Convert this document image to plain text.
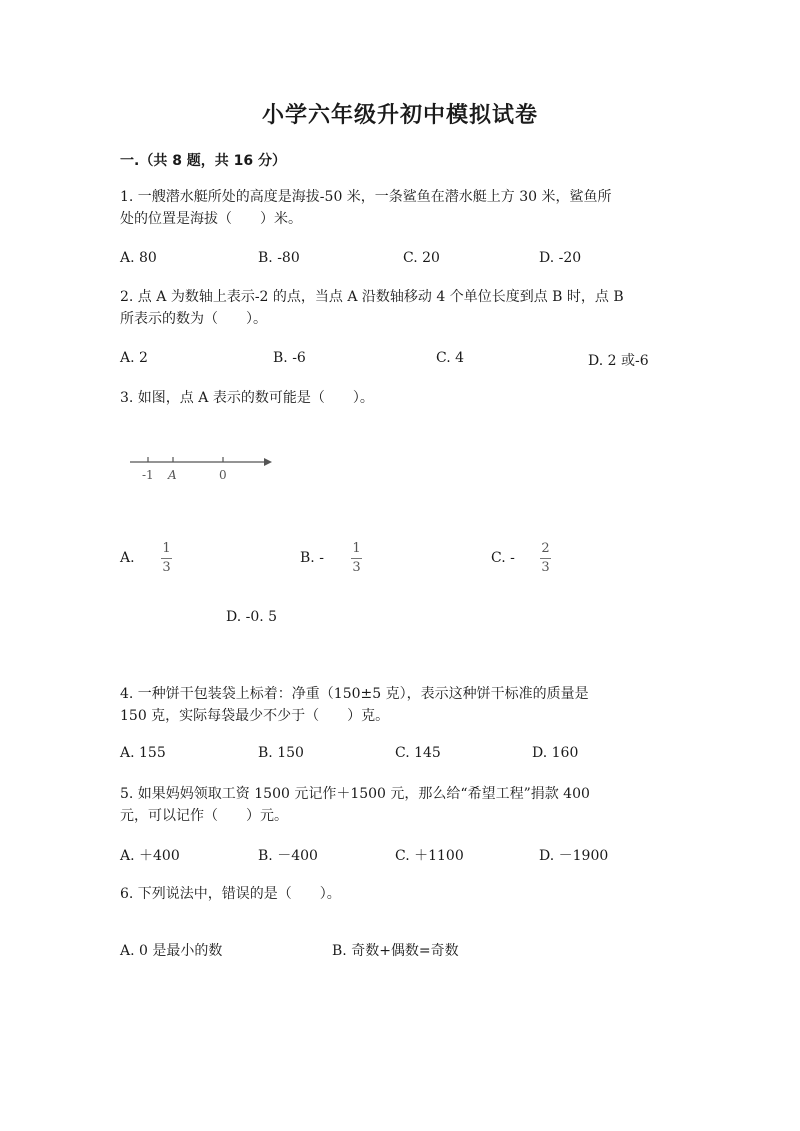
小学六年级升初中模拟试卷
一.（共 8 题，共 16 分）
1. 一艘潜水艇所处的高度是海拔-50 米，一条鲨鱼在潜水艇上方 30 米，鲨鱼所
处的位置是海拔（　　）米。
A. 80	B. -80	C. 20	D. -20
2. 点 A 为数轴上表示-2 的点，当点 A 沿数轴移动 4 个单位长度到点 B 时，点 B
所表示的数为（　　）。
A. 2	B. -6	C. 4	D. 2 或-6
3. 如图，点 A 表示的数可能是（　　）。
-1 A	0
A.
1
3
B. -
1
3
C. -
2
3
D. -0. 5
4. 一种饼干包装袋上标着：净重（150±5 克），表示这种饼干标准的质量是
150 克，实际每袋最少不少于（　　）克。
A. 155	B. 150	C. 145	D. 160
5. 如果妈妈领取工资 1500 元记作＋1500 元，那么给“希望工程”捐款 400
元，可以记作（　　）元。
A. ＋400	B. －400	C. ＋1100	D. －1900
6. 下列说法中，错误的是（　　）。
A. 0 是最小的数	B. 奇数+偶数=奇数
